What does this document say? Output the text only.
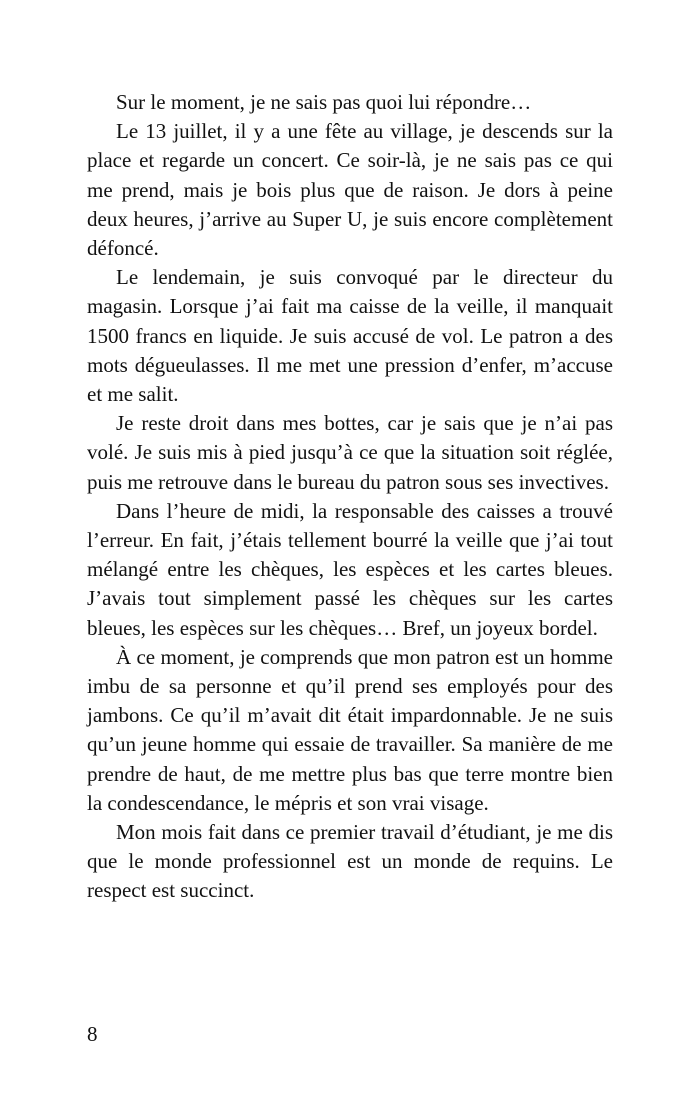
Sur le moment, je ne sais pas quoi lui répondre…

Le 13 juillet, il y a une fête au village, je descends sur la place et regarde un concert. Ce soir-là, je ne sais pas ce qui me prend, mais je bois plus que de raison. Je dors à peine deux heures, j’arrive au Super U, je suis encore complètement défoncé.

Le lendemain, je suis convoqué par le directeur du magasin. Lorsque j’ai fait ma caisse de la veille, il manquait 1500 francs en liquide. Je suis accusé de vol. Le patron a des mots dégueulasses. Il me met une pression d’enfer, m’accuse et me salit.

Je reste droit dans mes bottes, car je sais que je n’ai pas volé. Je suis mis à pied jusqu’à ce que la situation soit réglée, puis me retrouve dans le bureau du patron sous ses invectives.

Dans l’heure de midi, la responsable des caisses a trouvé l’erreur. En fait, j’étais tellement bourré la veille que j’ai tout mélangé entre les chèques, les espèces et les cartes bleues. J’avais tout simplement passé les chèques sur les cartes bleues, les espèces sur les chèques… Bref, un joyeux bordel.

À ce moment, je comprends que mon patron est un homme imbu de sa personne et qu’il prend ses employés pour des jambons. Ce qu’il m’avait dit était impardonnable. Je ne suis qu’un jeune homme qui essaie de travailler. Sa manière de me prendre de haut, de me mettre plus bas que terre montre bien la condescendance, le mépris et son vrai visage.

Mon mois fait dans ce premier travail d’étudiant, je me dis que le monde professionnel est un monde de requins. Le respect est succinct.

8
